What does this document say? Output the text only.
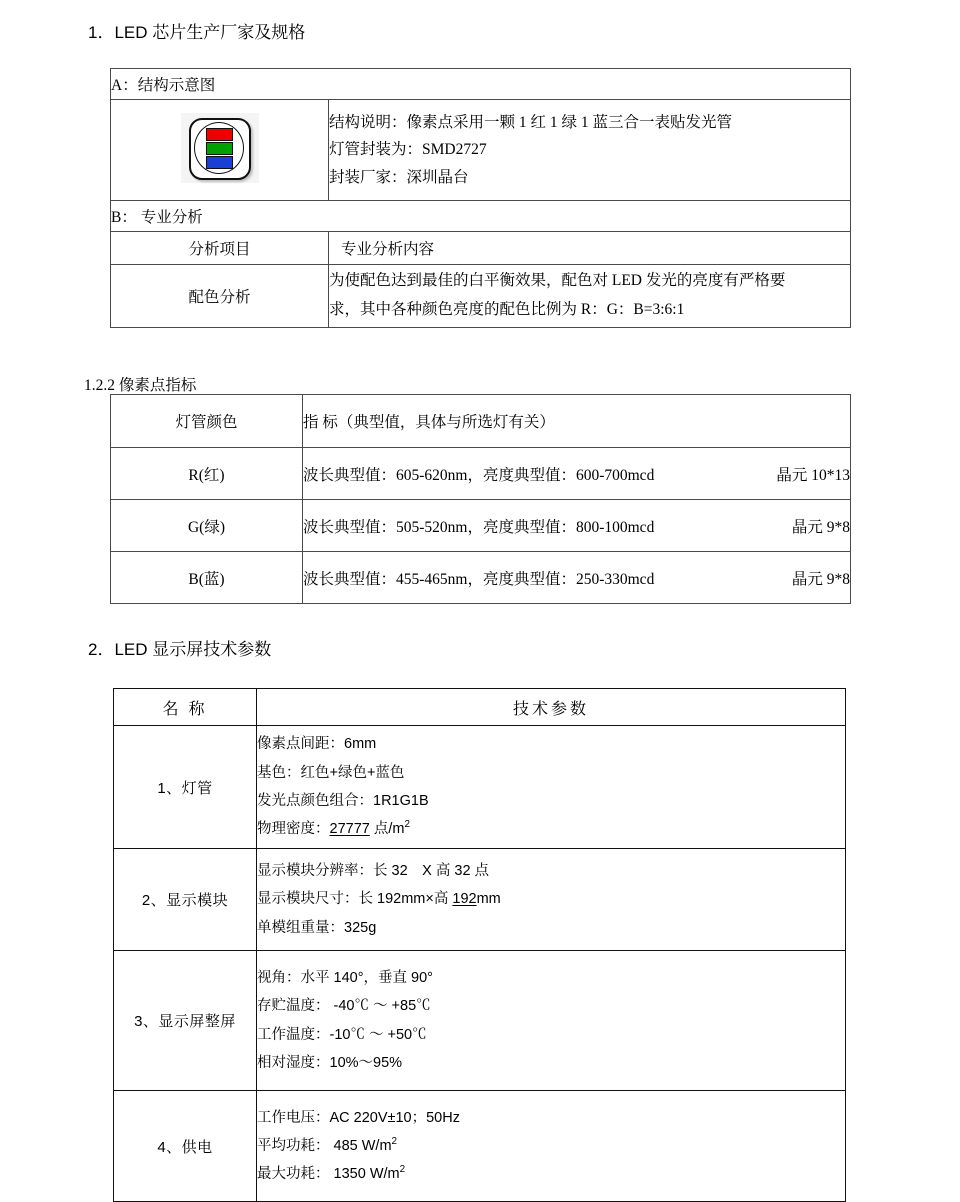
1．LED 芯片生产厂家及规格
A：结构示意图	

	结构说明：像素点采用一颗 1 红 1 绿 1 蓝三合一表贴发光管
灯管封装为：SMD2727
封装厂家：深圳晶台

B： 专业分析	
分析项目	专业分析内容
配色分析	为使配色达到最佳的白平衡效果，配色对 LED 发光的亮度有严格要
求，其中各种颜色亮度的配色比例为 R：G：B=3:6:1
1.2.2 像素点指标
灯管颜色	指 标（典型值，具体与所选灯有关）
R(红)	波长典型值：605-620nm，亮度典型值：600-700mcd 晶元 10*13

G(绿)	波长典型值：505-520nm，亮度典型值：800-100mcd 晶元 9*8

B(蓝)	波长典型值：455-465nm，亮度典型值：250-330mcd 晶元 9*8
2．LED 显示屏技术参数
名 称	技术参数
1、灯管	像素点间距：6mm
基色：红色+绿色+蓝色
发光点颜色组合：1R1G1B
物理密度：27777 点$/m^2$

2、显示模块	显示模块分辨率：长 32　X 高 32 点
显示模块尺寸：长 192mm×高 192mm
单模组重量：325g

3、显示屏整屏	视角：水平 140°，垂直 90°
存贮温度： -40℃ ～ +85℃
工作温度：-10℃ ～ +50℃
相对湿度：10%～95%

4、供电	工作电压：AC 220V±10；50Hz
平均功耗： 485 $W/m^2$
最大功耗： 1350 $W/m^2$
